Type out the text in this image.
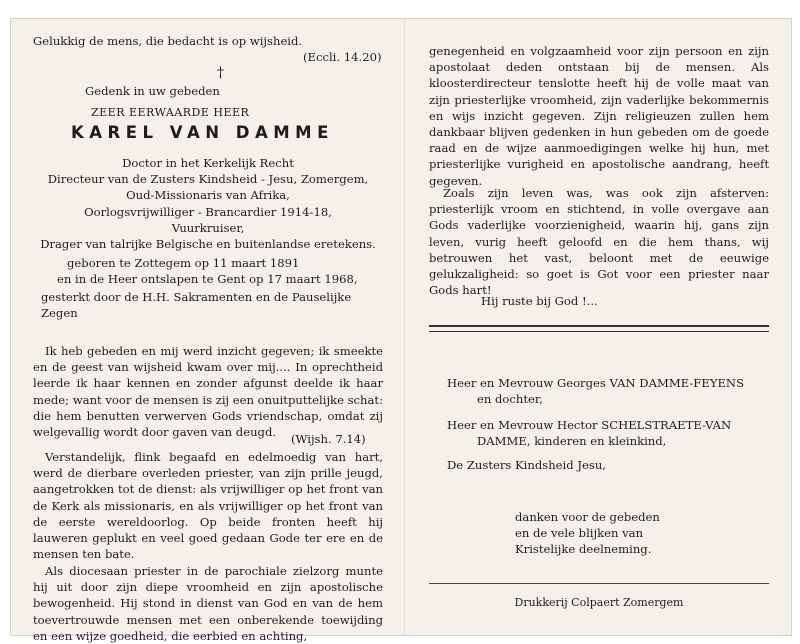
Gelukkig de mens, die bedacht is op wijsheid.
(Eccli. 14.20)
†
Gedenk in uw gebeden
ZEER EERWAARDE HEER
KAREL VAN DAMME
Doctor in het Kerkelijk Recht
Directeur van de Zusters Kindsheid - Jesu, Zomergem,
Oud-Missionaris van Afrika,
Oorlogsvrijwilliger - Brancardier 1914-18,
Vuurkruiser,
Drager van talrijke Belgische en buitenlandse eretekens.
geboren te Zottegem op 11 maart 1891
en in de Heer ontslapen te Gent op 17 maart 1968,
gesterkt door de H.H. Sakramenten en de Pauselijke Zegen
Ik heb gebeden en mij werd inzicht gegeven; ik smeekte en de geest van wijsheid kwam over mij.... In oprechtheid leerde ik haar kennen en zonder afgunst deelde ik haar mede; want voor de mensen is zij een onuitputtelijke schat: die hem benutten verwerven Gods vriendschap, omdat zij welgevallig wordt door gaven van deugd.	(Wijsh. 7.14)
Verstandelijk, flink begaafd en edelmoedig van hart, werd de dierbare overleden priester, van zijn prille jeugd, aangetrokken tot de dienst: als vrijwilliger op het front van de Kerk als missionaris, en als vrijwilliger op het front van de eerste wereldoorlog. Op beide fronten heeft hij lauweren geplukt en veel goed gedaan Gode ter ere en de mensen ten bate.
Als diocesaan priester in de parochiale zielzorg munte hij uit door zijn diepe vroomheid en zijn apostolische bewogenheid. Hij stond in dienst van God en van de hem toevertrouwde mensen met een onberekende toewijding en een wijze goedheid, die eerbied en achting,
genegenheid en volgzaamheid voor zijn persoon en zijn apostolaat deden ontstaan bij de mensen. Als kloosterdirecteur tenslotte heeft hij de volle maat van zijn priesterlijke vroomheid, zijn vaderlijke bekommernis en wijs inzicht gegeven. Zijn religieuzen zullen hem dankbaar blijven gedenken in hun gebeden om de goede raad en de wijze aanmoedigingen welke hij hun, met priesterlijke vurigheid en apostolische aandrang, heeft gegeven.
Zoals zijn leven was, was ook zijn afsterven: priesterlijk vroom en stichtend, in volle overgave aan Gods vaderlijke voorzienigheid, waarin hij, gans zijn leven, vurig heeft geloofd en die hem thans, wij betrouwen het vast, beloont met de eeuwige gelukzaligheid: so goet is Got voor een priester naar Gods hart!
Hij ruste bij God !...
Heer en Mevrouw Georges VAN DAMME-FEYENS
en dochter,
Heer en Mevrouw Hector SCHELSTRAETE-VAN
DAMME, kinderen en kleinkind,
De Zusters Kindsheid Jesu,
danken voor de gebeden
en de vele blijken van
Kristelijke deelneming.
Drukkerij Colpaert Zomergem
